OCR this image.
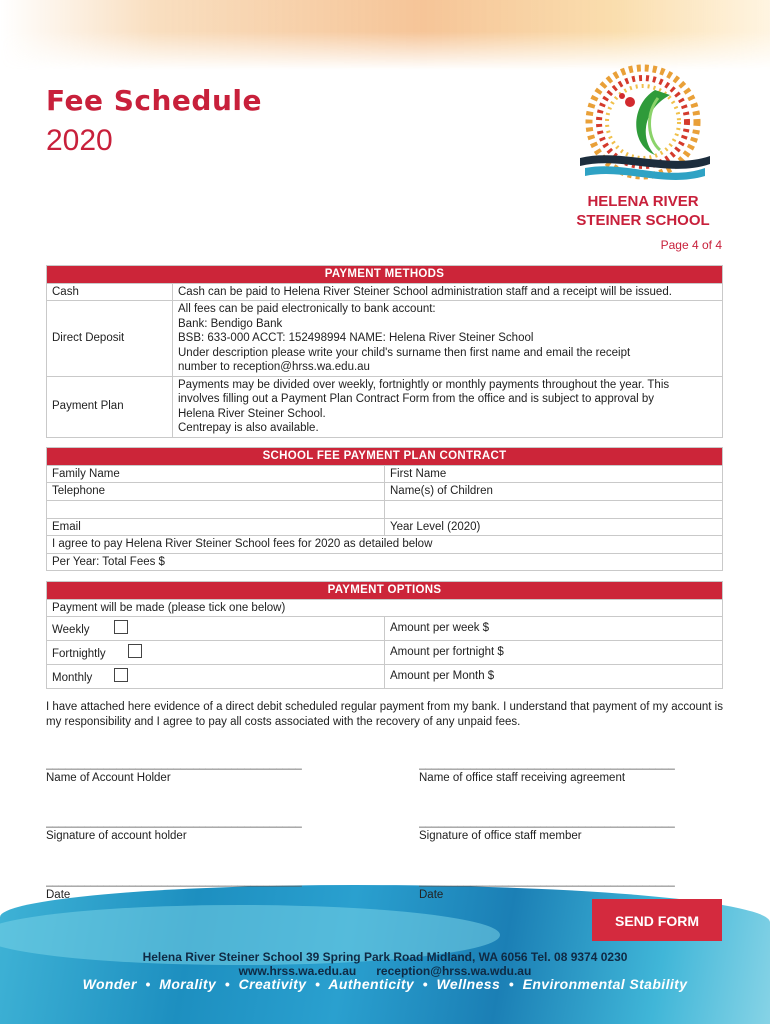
Fee Schedule
2020
HELENA RIVER
STEINER SCHOOL
Page 4 of 4
PAYMENT METHODS	
Cash	Cash can be paid to Helena River Steiner School administration staff and a receipt will be issued.

Direct Deposit	All fees can be paid electronically to bank account:
Bank: Bendigo Bank
BSB: 633-000 ACCT: 152498994 NAME: Helena River Steiner School
Under description please write your child's surname then first name and email the receipt
number to reception@hrss.wa.edu.au

Payment Plan	Payments may be divided over weekly, fortnightly or monthly payments throughout the year. This
involves filling out a Payment Plan Contract Form from the office and is subject to approval by
Helena River Steiner School.
Centrepay is also available.
SCHOOL FEE PAYMENT PLAN CONTRACT	
Family Name	First Name
Telephone	Name(s) of Children

Email	Year Level (2020)
I agree to pay Helena River Steiner School fees for 2020 as detailed below	
Per Year: Total Fees $	
PAYMENT OPTIONS	
Payment will be made (please tick one below)	
Weekly	Amount per week $
Fortnightly	Amount per fortnight $
Monthly	Amount per Month $
I have attached here evidence of a direct debit scheduled regular payment from my bank. I understand that payment of my account is my responsibility and I agree to pay all costs associated with the recovery of any unpaid fees.
________________________________________
Name of Account Holder
________________________________________
Name of office staff receiving agreement
________________________________________
Signature of account holder
________________________________________
Signature of office staff member
________________________________________
Date
________________________________________
Date
SEND FORM
Helena River Steiner School 39 Spring Park Road Midland, WA 6056 Tel. 08 9374 0230
www.hrss.wa.edu.au      reception@hrss.wa.wdu.au
Wonder  •  Morality  •  Creativity  •  Authenticity  •  Wellness  •  Environmental Stability
